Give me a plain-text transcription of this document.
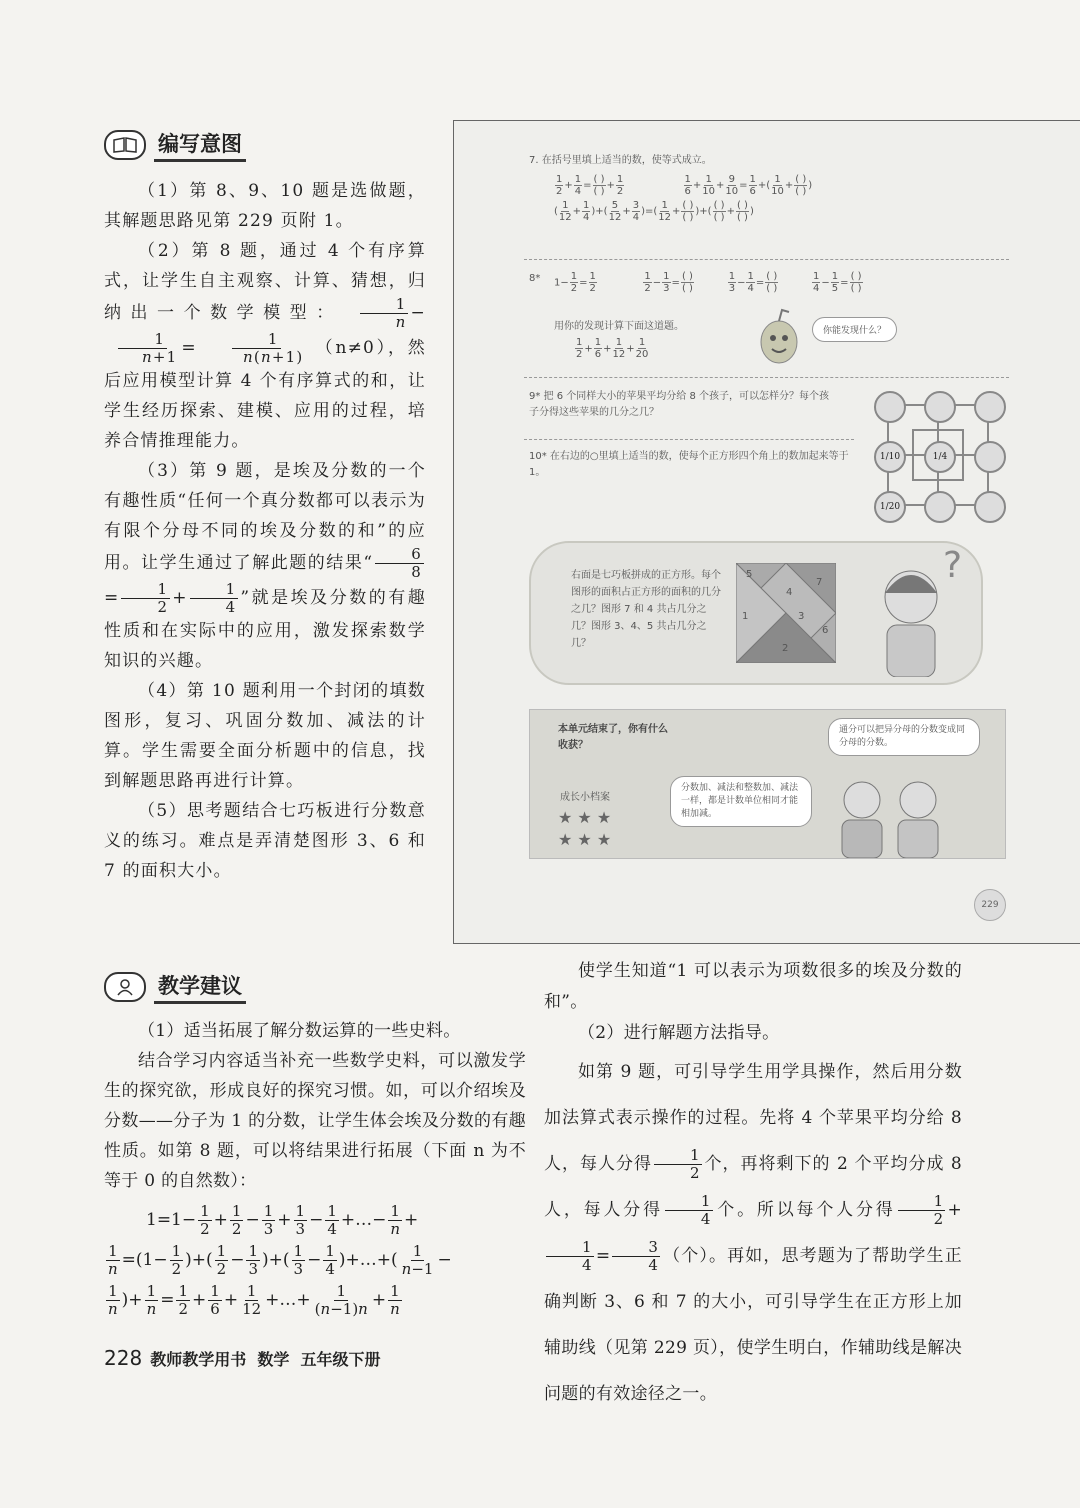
编写意图

（1）第 8、9、10 题是选做题，其解题思路见第 229 页附 1。

（2）第 8 题，通过 4 个有序算式，让学生自主观察、计算、猜想，归纳出一个数学模型： $\frac{1}{n}$ −
$\frac{1}{n+1} = \frac{1}{n(n+1)} (n\ne 0)$，然后应用模型计算 4 个有序算式的和，让学生经历探索、建模、应用的过程，培养合情推理能力。

（3）第 9 题，是埃及分数的一个有趣性质“任何一个真分数都可以表示为有限个分母不同的埃及分数的和”的应用。让学生通过了解此题的结果“ $\frac{6}{8}$
= $\frac{1}{2} + \frac{1}{4}$ ”就是埃及分数的有趣性质和在实际中的应用，激发探索数学知识的兴趣。

（4）第 10 题利用一个封闭的填数图形，复习、巩固分数加、减法的计算。学生需要全面分析题中的信息，找到解题思路再进行计算。

（5）思考题结合七巧板进行分数意义的练习。难点是弄清楚图形 3、6 和 7 的面积大小。

7. 在括号里填上适当的数，使等式成立。
$\frac{1}{2} + \frac{1}{4}$ =
( )
( ) + $\frac{1}{2}$
	$\frac{1}{6} + \frac{1}{10} + \frac{9}{10} = \frac{1}{6}$ +( $\frac{1}{10}$ +
( )
( ) )
( $\frac{1}{12} + \frac{1}{4}$ )+( $\frac{5}{12} + \frac{3}{4}$ )=( $\frac{1}{12}$ +
( )
( ) )+(
( )
( ) +
( )
( ) )
8* $1- \frac{1}{2} = \frac{1}{2}$
	$\frac{1}{2} - \frac{1}{3}$ =
( )
( )
	$\frac{1}{3} - \frac{1}{4}$ =
( )
( )
	$\frac{1}{4} - \frac{1}{5}$ =
( )
( )
用你的发现计算下面这道题。
$\frac{1}{2} + \frac{1}{6} + \frac{1}{12} + \frac{1}{20}$
你能发现什么？
9* 把 6 个同样大小的苹果平均分给 8 个孩子，可以怎样分？每个孩子分得这些苹果的几分之几？
10* 在右边的○里填上适当的数，使每个正方形四个角上的数加起来等于 1。
1/10	1/4
1/20
右面是七巧板拼成的正方形。每个图形的面积占正方形的面积的几分之几？图形 7 和 4 共占几分之几？图形 3、4、5 共占几分之几？
5
4
7
1	3
6
2
?
本单元结束了，你有什么收获？
成长小档案
★ ★ ★
★ ★ ★
通分可以把异分母的分数变成同分母的分数。
分数加、减法和整数加、减法一样，都是计数单位相同才能相加减。
229
教学建议

（1）适当拓展了解分数运算的一些史料。

结合学习内容适当补充一些数学史料，可以激发学生的探究欲，形成良好的探究习惯。如，可以介绍埃及分数——分子为 1 的分数，让学生体会埃及分数的有趣性质。如第 8 题，可以将结果进行拓展（下面 n 为不等于 0 的自然数）：

$1=1- \frac{1}{2} + \frac{1}{2} - \frac{1}{3} + \frac{1}{3} - \frac{1}{4}$ +…− $\frac{1}{n}$ +
$\frac{1}{n} =(1- \frac{1}{2}$ )+( $\frac{1}{2} - \frac{1}{3}$ )+( $\frac{1}{3} - \frac{1}{4}$ )+…+( $\frac{1}{n-1}$ −
$\frac{1}{n}$ )+ $\frac{1}{n} = \frac{1}{2} + \frac{1}{6} + \frac{1}{12}$ +…+ $\frac{1}{(n-1)n} + \frac{1}{n}$

使学生知道“1 可以表示为项数很多的埃及分数的和”。

（2）进行解题方法指导。

如第 9 题，可引导学生用学具操作，然后用分数加法算式表示操作的过程。先将 4 个苹果平均分给 8 人，每人分得 $\frac{1}{2}$ 个，再将剩下的 2 个平均分成 8 人，每人分得 $\frac{1}{4}$ 个。所以每个人分得 $\frac{1}{2}$ +
$\frac{1}{4} = \frac{3}{4}$ （个）。再如，思考题为了帮助学生正确判断 3、6 和 7 的大小，可引导学生在正方形上加辅助线（见第 229 页），使学生明白，作辅助线是解决问题的有效途径之一。

228 教师教学用书  数学  五年级下册
